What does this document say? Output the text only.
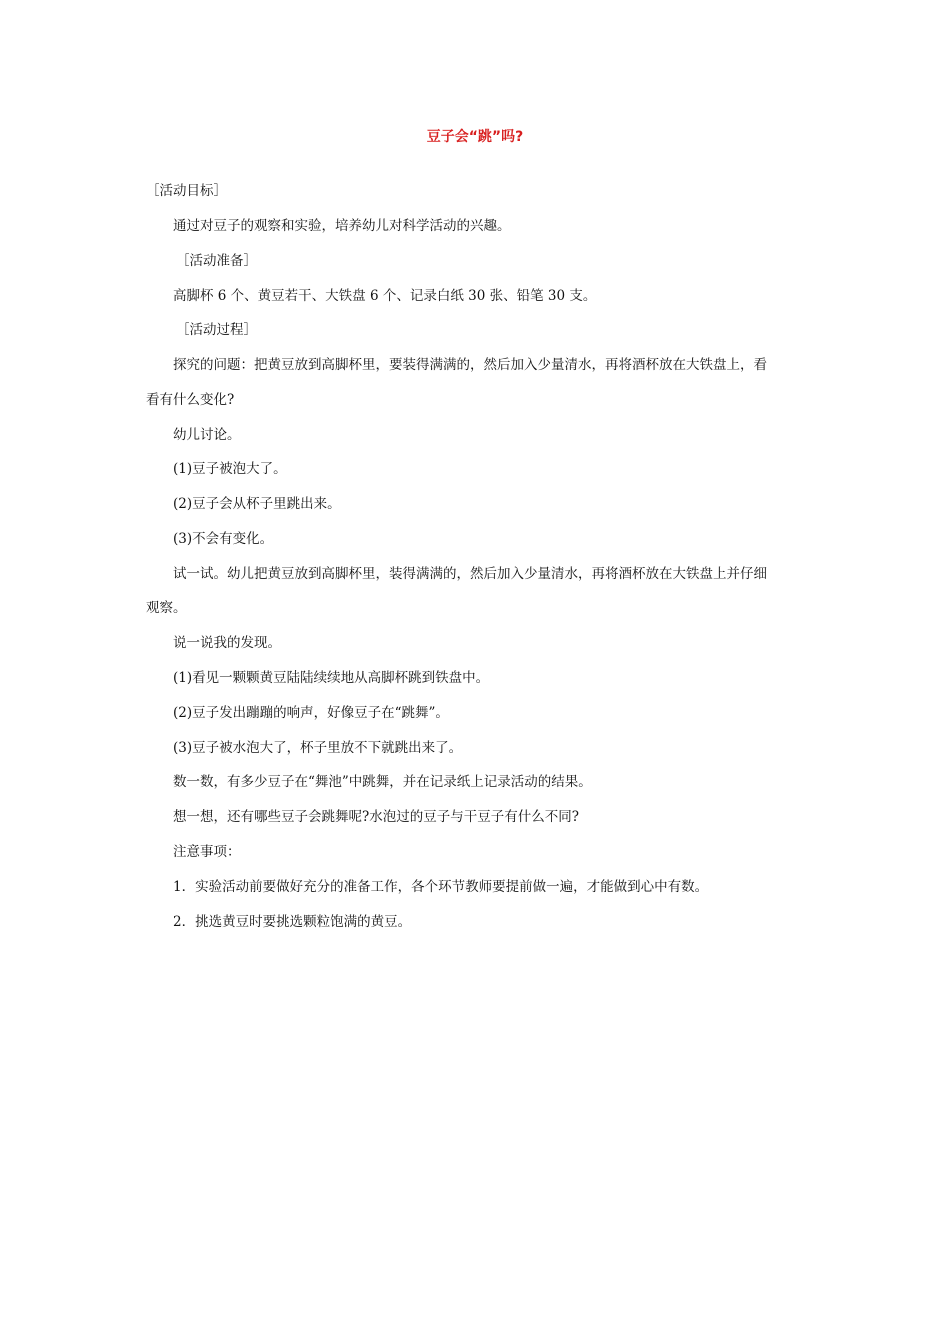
豆子会“跳”吗?
［活动目标］
通过对豆子的观察和实验，培养幼儿对科学活动的兴趣。
［活动准备］
高脚杯 6 个、黄豆若干、大铁盘 6 个、记录白纸 30 张、铅笔 30 支。
［活动过程］
探究的问题：把黄豆放到高脚杯里，要装得满满的，然后加入少量清水，再将酒杯放在大铁盘上，看
看有什么变化?
幼儿讨论。
(1)豆子被泡大了。
(2)豆子会从杯子里跳出来。
(3)不会有变化。
试一试。幼儿把黄豆放到高脚杯里，装得满满的，然后加入少量清水，再将酒杯放在大铁盘上并仔细
观察。
说一说我的发现。
(1)看见一颗颗黄豆陆陆续续地从高脚杯跳到铁盘中。
(2)豆子发出蹦蹦的响声，好像豆子在“跳舞”。
(3)豆子被水泡大了，杯子里放不下就跳出来了。
数一数，有多少豆子在“舞池”中跳舞，并在记录纸上记录活动的结果。
想一想，还有哪些豆子会跳舞呢?水泡过的豆子与干豆子有什么不同?
注意事项：
1．实验活动前要做好充分的准备工作，各个环节教师要提前做一遍，才能做到心中有数。
2．挑选黄豆时要挑选颗粒饱满的黄豆。
